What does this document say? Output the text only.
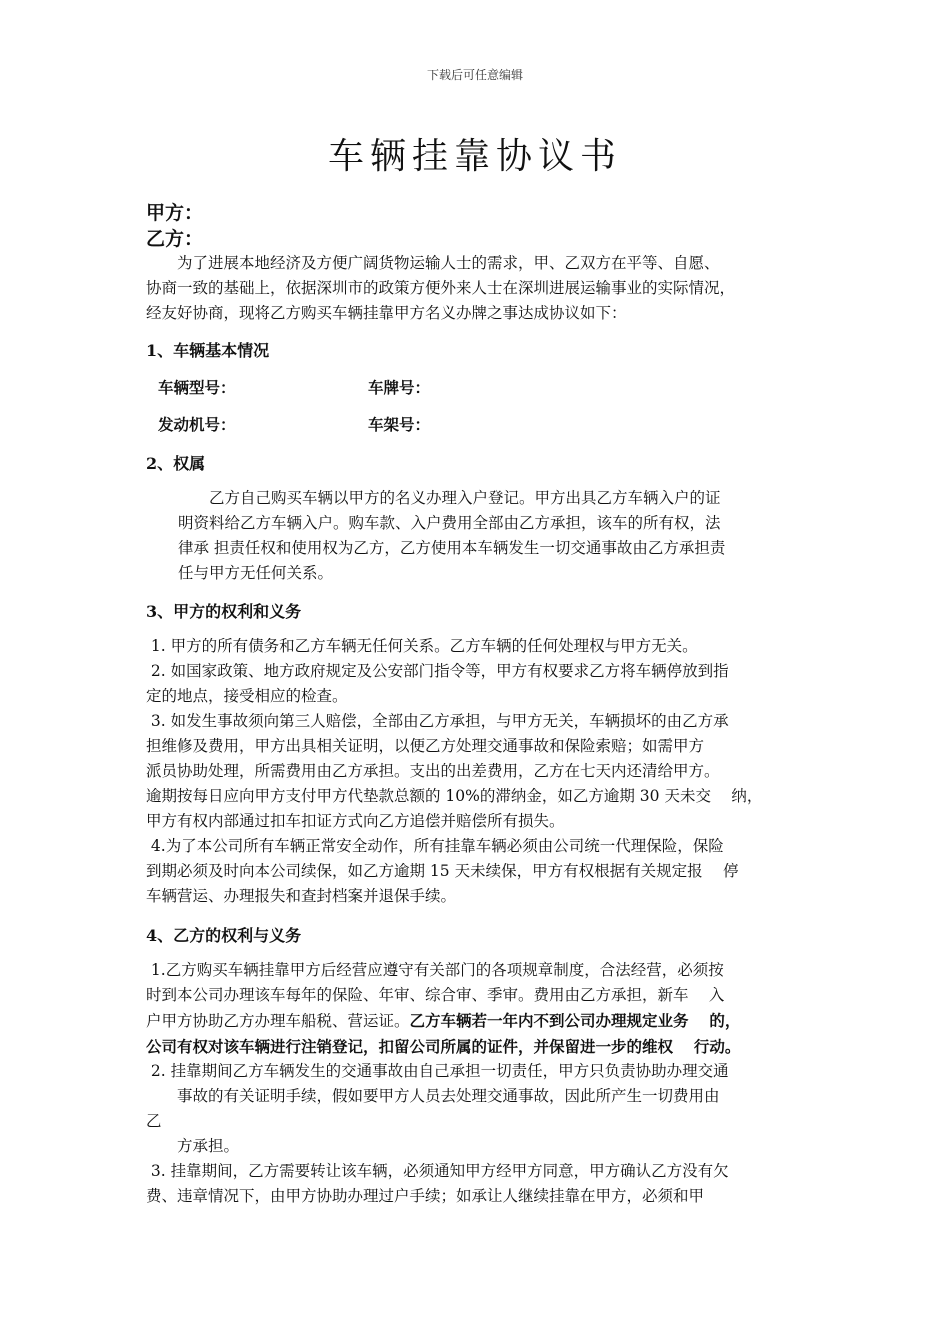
下载后可任意编辑
车辆挂靠协议书
甲方：
乙方：
　　为了进展本地经济及方便广阔货物运输人士的需求，甲、乙双方在平等、自愿、
协商一致的基础上，依据深圳市的政策方便外来人士在深圳进展运输事业的实际情况，
经友好协商，现将乙方购买车辆挂靠甲方名义办牌之事达成协议如下：
1、车辆基本情况
车辆型号：	车牌号：
发动机号：	车架号：
2、权属
　　乙方自己购买车辆以甲方的名义办理入户登记。甲方出具乙方车辆入户的证
明资料给乙方车辆入户。购车款、入户费用全部由乙方承担，该车的所有权，法
律承 担责任权和使用权为乙方，乙方使用本车辆发生一切交通事故由乙方承担责
任与甲方无任何关系。
3、甲方的权利和义务
1. 甲方的所有债务和乙方车辆无任何关系。乙方车辆的任何处理权与甲方无关。
2. 如国家政策、地方政府规定及公安部门指令等，甲方有权要求乙方将车辆停放到指
定的地点，接受相应的检查。
3. 如发生事故须向第三人赔偿，全部由乙方承担，与甲方无关，车辆损坏的由乙方承
担维修及费用，甲方出具相关证明，以便乙方处理交通事故和保险索赔；如需甲方
派员协助处理，所需费用由乙方承担。支出的出差费用，乙方在七天内还清给甲方。
逾期按每日应向甲方支付甲方代垫款总额的 10%的滞纳金，如乙方逾期 30 天未交　 纳，
甲方有权内部通过扣车扣证方式向乙方追偿并赔偿所有损失。
4.为了本公司所有车辆正常安全动作，所有挂靠车辆必须由公司统一代理保险，保险
到期必须及时向本公司续保，如乙方逾期 15 天未续保，甲方有权根据有关规定报　 停
车辆营运、办理报失和查封档案并退保手续。
4、乙方的权利与义务
1.乙方购买车辆挂靠甲方后经营应遵守有关部门的各项规章制度，合法经营，必须按
时到本公司办理该车每年的保险、年审、综合审、季审。费用由乙方承担，新车　 入
户甲方协助乙方办理车船税、营运证。乙方车辆若一年内不到公司办理规定业务　 的，
公司有权对该车辆进行注销登记，扣留公司所属的证件，并保留进一步的维权　 行动。
2. 挂靠期间乙方车辆发生的交通事故由自己承担一切责任，甲方只负责协助办理交通
　　事故的有关证明手续，假如要甲方人员去处理交通事故，因此所产生一切费用由
乙
　　方承担。
3. 挂靠期间，乙方需要转让该车辆，必须通知甲方经甲方同意，甲方确认乙方没有欠
费、违章情况下，由甲方协助办理过户手续；如承让人继续挂靠在甲方，必须和甲
